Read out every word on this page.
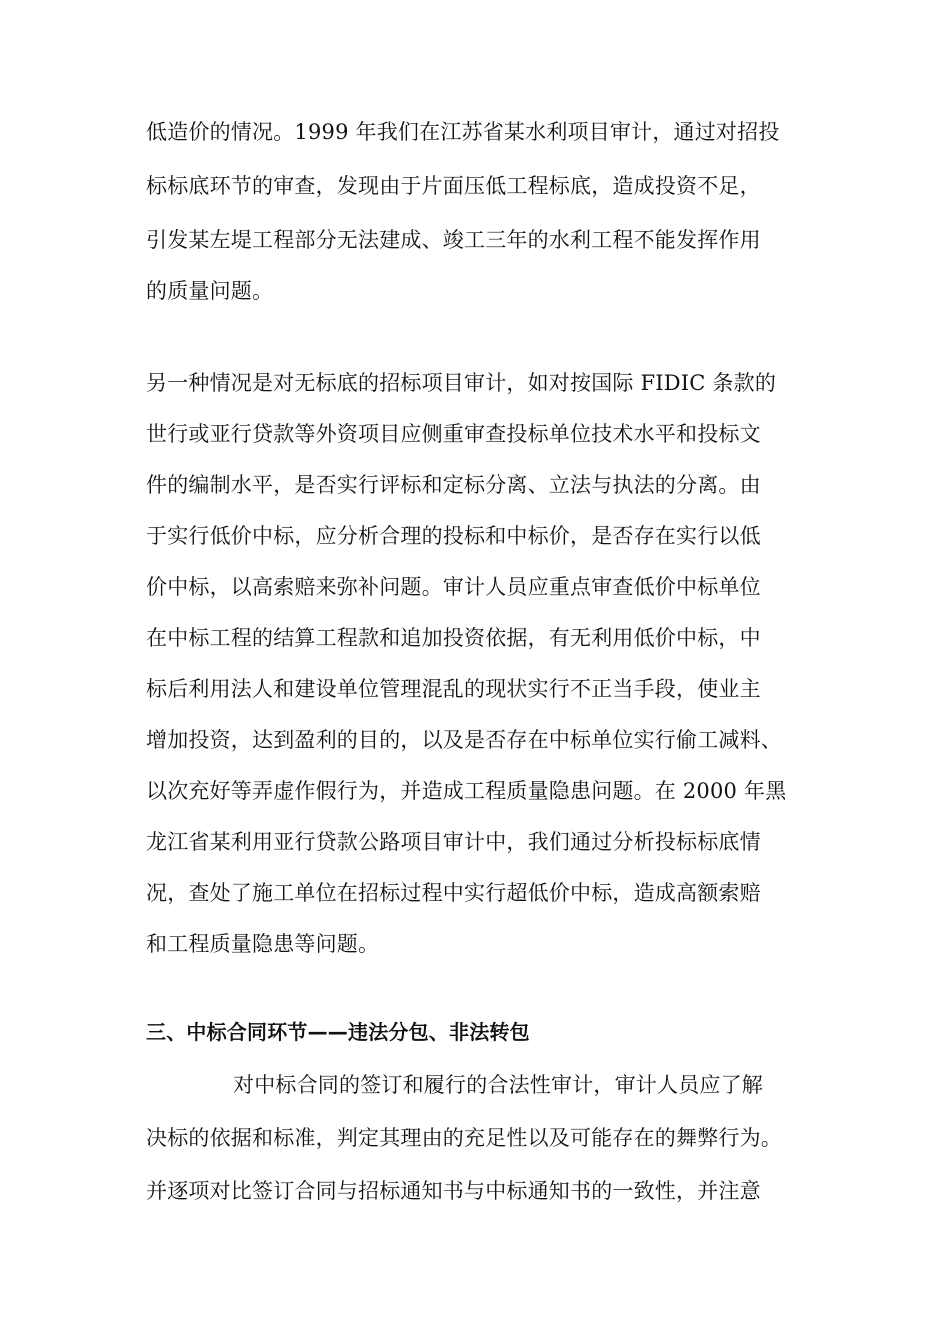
低造价的情况。1999 年我们在江苏省某水利项目审计，通过对招投
标标底环节的审查，发现由于片面压低工程标底，造成投资不足，
引发某左堤工程部分无法建成、竣工三年的水利工程不能发挥作用
的质量问题。
另一种情况是对无标底的招标项目审计，如对按国际 FIDIC 条款的
世行或亚行贷款等外资项目应侧重审查投标单位技术水平和投标文
件的编制水平，是否实行评标和定标分离、立法与执法的分离。由
于实行低价中标，应分析合理的投标和中标价，是否存在实行以低
价中标，以高索赔来弥补问题。审计人员应重点审查低价中标单位
在中标工程的结算工程款和追加投资依据，有无利用低价中标，中
标后利用法人和建设单位管理混乱的现状实行不正当手段，使业主
增加投资，达到盈利的目的，以及是否存在中标单位实行偷工减料、
以次充好等弄虚作假行为，并造成工程质量隐患问题。在 2000 年黑
龙江省某利用亚行贷款公路项目审计中，我们通过分析投标标底情
况，查处了施工单位在招标过程中实行超低价中标，造成高额索赔
和工程质量隐患等问题。
三、中标合同环节——违法分包、非法转包
对中标合同的签订和履行的合法性审计，审计人员应了解
决标的依据和标准，判定其理由的充足性以及可能存在的舞弊行为。
并逐项对比签订合同与招标通知书与中标通知书的一致性，并注意
